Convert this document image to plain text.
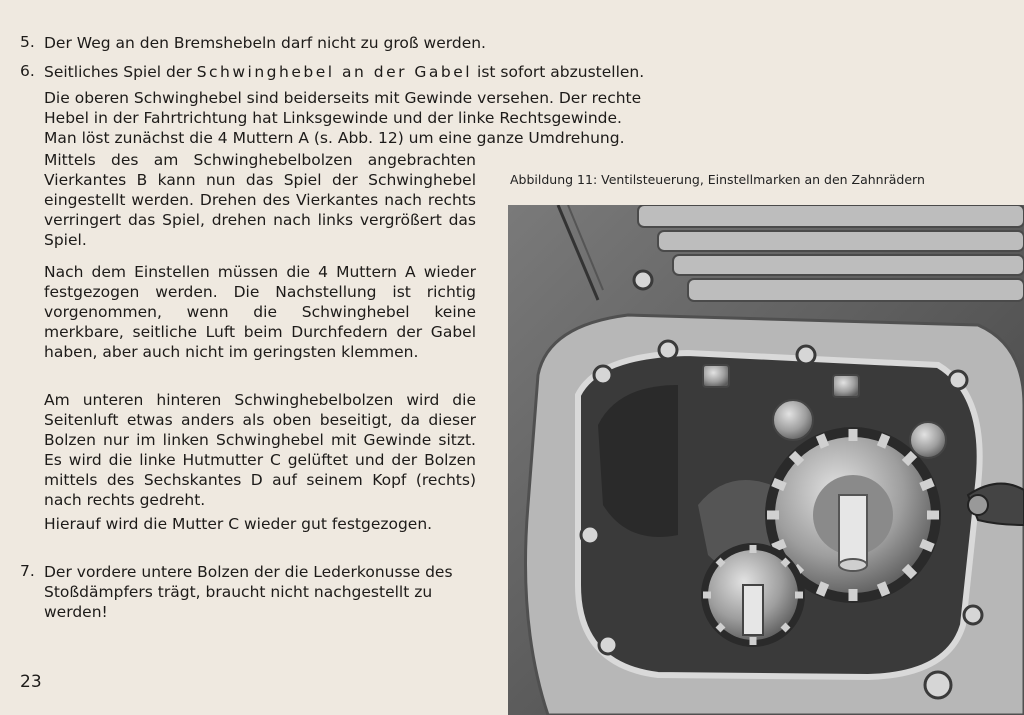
5. Der Weg an den Bremshebeln darf nicht zu groß werden.

6. Seitliches Spiel der Schwinghebel an der Gabel ist sofort abzustellen.

Die oberen Schwinghebel sind beiderseits mit Gewinde versehen. Der rechte

Hebel in der Fahrtrichtung hat Linksgewinde und der linke Rechtsgewinde.

Man löst zunächst die 4 Muttern A (s. Abb. 12) um eine ganze Umdrehung.

Mittels des am Schwinghebelbolzen angebrachten Vierkantes B kann nun das Spiel der Schwinghebel eingestellt werden. Drehen des Vierkantes nach rechts verringert das Spiel, drehen nach links vergrößert das Spiel.

Nach dem Einstellen müssen die 4 Muttern A wieder festgezogen werden. Die Nachstellung ist richtig vorgenommen, wenn die Schwinghebel keine merkbare, seitliche Luft beim Durchfedern der Gabel haben, aber auch nicht im geringsten klemmen.

Am unteren hinteren Schwinghebelbolzen wird die Seitenluft etwas anders als oben beseitigt, da dieser Bolzen nur im linken Schwinghebel mit Gewinde sitzt. Es wird die linke Hutmutter C gelüftet und der Bolzen mittels des Sechskantes D auf seinem Kopf (rechts) nach rechts gedreht.

Hierauf wird die Mutter C wieder gut festgezogen.

7. Der vordere untere Bolzen der die Lederkonusse des Stoßdämpfers trägt, braucht nicht nachgestellt zu werden!

Abbildung 11: Ventilsteuerung, Einstellmarken an den Zahnrädern
23
